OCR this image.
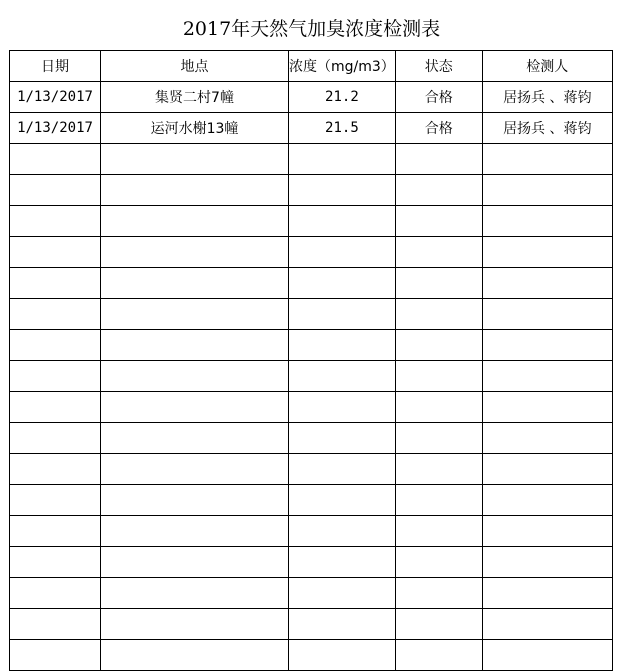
2017年天然气加臭浓度检测表
日期	地点	浓度（mg/m3）	状态	检测人
1/13/2017	集贤二村7幢	21.2	合格	居扬兵 、蒋钧
1/13/2017	运河水榭13幢	21.5	合格	居扬兵 、蒋钧
